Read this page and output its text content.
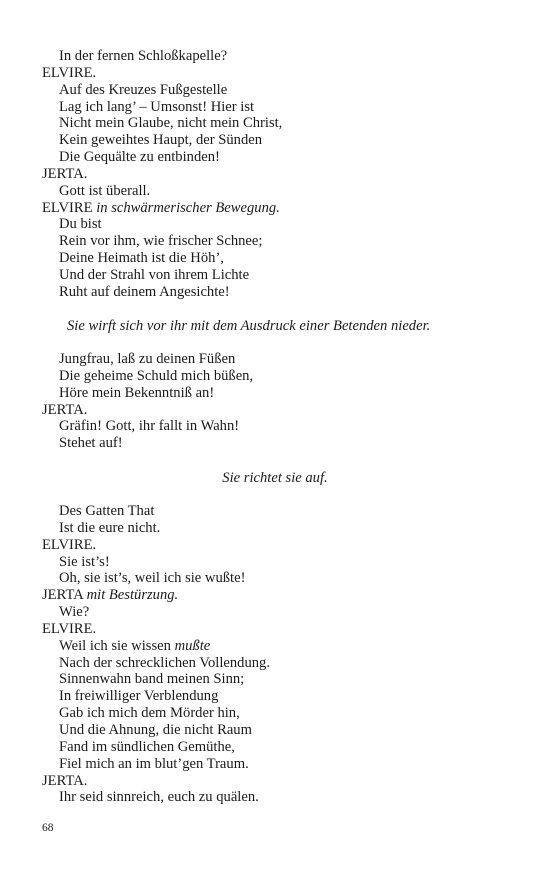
In der fernen Schloßkapelle?
ELVIRE.
Auf des Kreuzes Fußgestelle
Lag ich lang’ – Umsonst! Hier ist
Nicht mein Glaube, nicht mein Christ,
Kein geweihtes Haupt, der Sünden
Die Gequälte zu entbinden!
JERTA.
Gott ist überall.
ELVIRE in schwärmerischer Bewegung.
Du bist
Rein vor ihm, wie frischer Schnee;
Deine Heimath ist die Höh’,
Und der Strahl von ihrem Lichte
Ruht auf deinem Angesichte!
Sie wirft sich vor ihr mit dem Ausdruck einer Betenden nieder.
Jungfrau, laß zu deinen Füßen
Die geheime Schuld mich büßen,
Höre mein Bekenntniß an!
JERTA.
Gräfin! Gott, ihr fallt in Wahn!
Stehet auf!
Sie richtet sie auf.
Des Gatten That
Ist die eure nicht.
ELVIRE.
Sie ist’s!
Oh, sie ist’s, weil ich sie wußte!
JERTA mit Bestürzung.
Wie?
ELVIRE.
Weil ich sie wissen mußte
Nach der schrecklichen Vollendung.
Sinnenwahn band meinen Sinn;
In freiwilliger Verblendung
Gab ich mich dem Mörder hin,
Und die Ahnung, die nicht Raum
Fand im sündlichen Gemüthe,
Fiel mich an im blut’gen Traum.
JERTA.
Ihr seid sinnreich, euch zu quälen.
68
